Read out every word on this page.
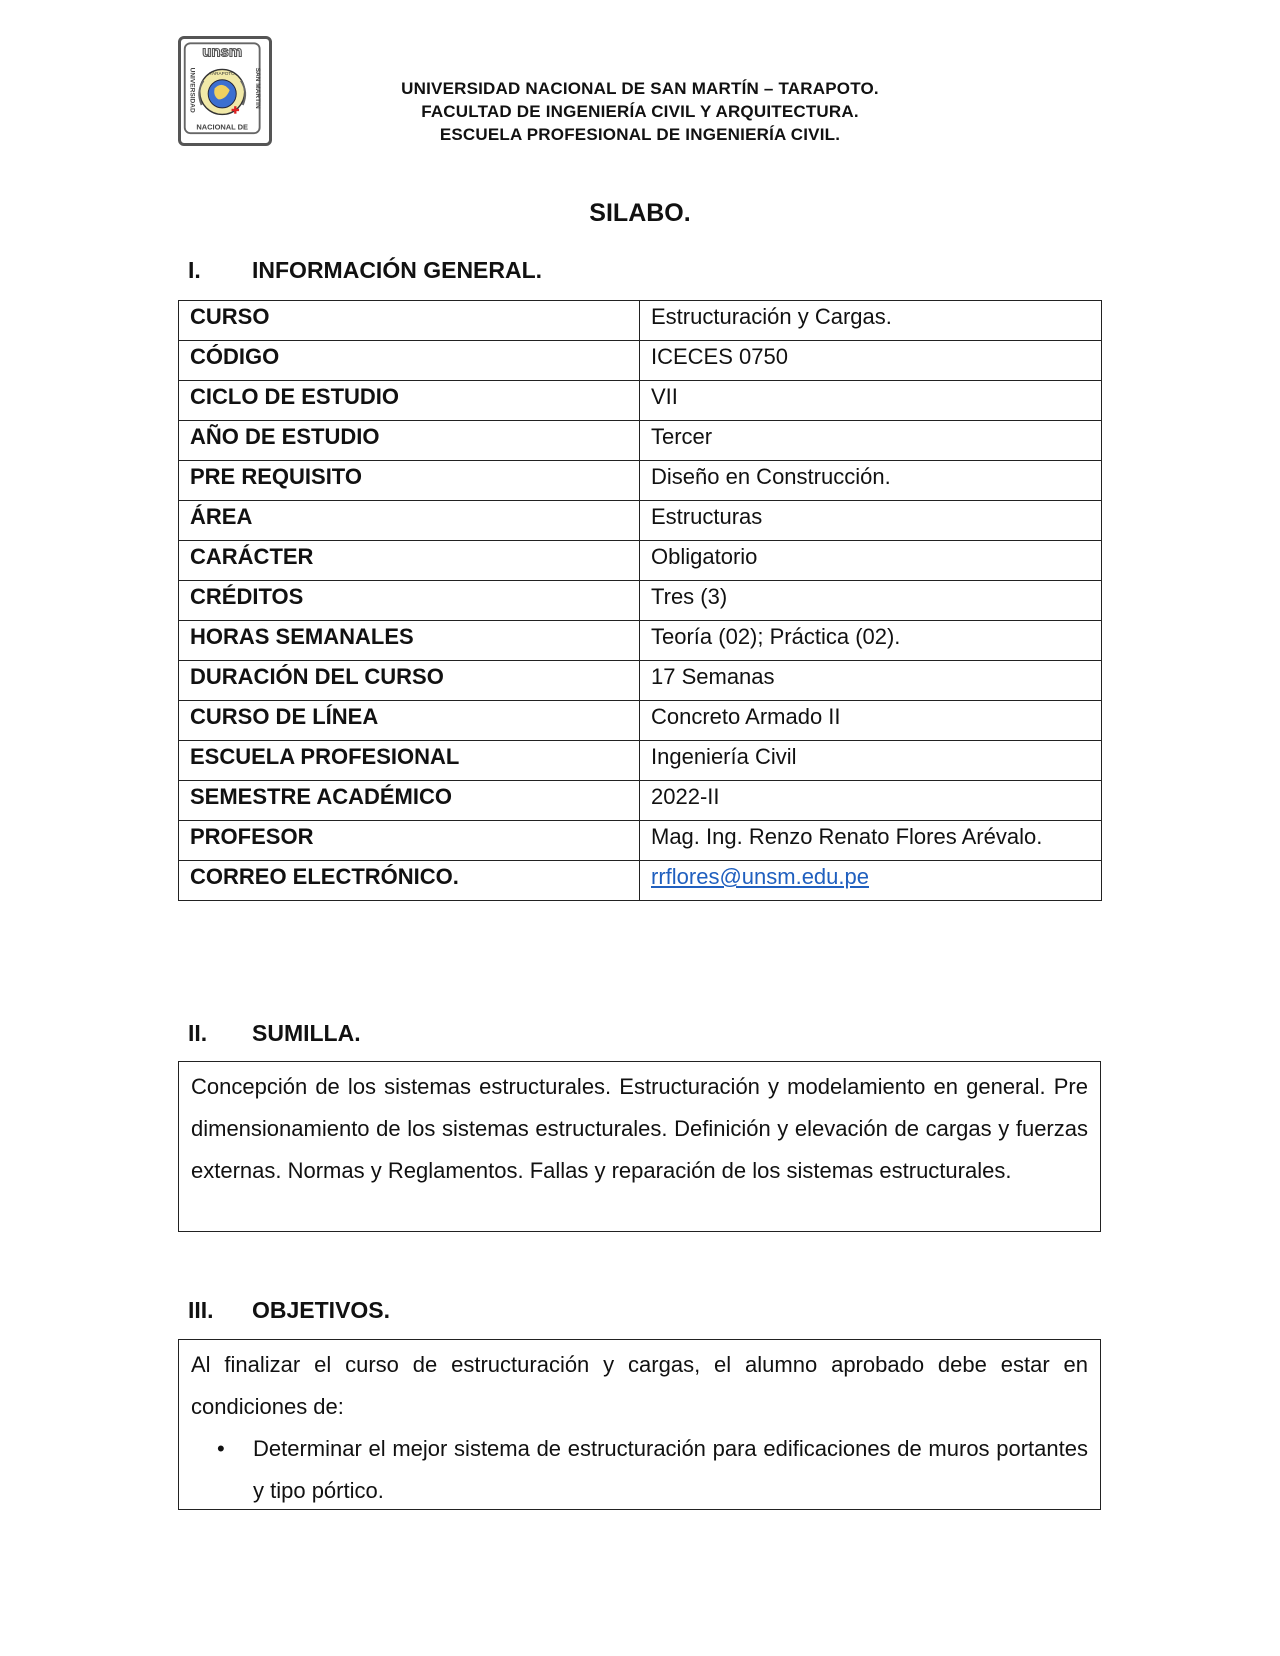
unsm
UNIVERSIDAD	SAN MARTIN
NACIONAL DE
TARAPOTO
UNIVERSIDAD NACIONAL DE SAN MARTÍN – TARAPOTO.
FACULTAD DE INGENIERÍA CIVIL Y ARQUITECTURA.
ESCUELA PROFESIONAL DE INGENIERÍA CIVIL.
SILABO.
I. INFORMACIÓN GENERAL.
CURSO	Estructuración y Cargas.
CÓDIGO	ICECES 0750
CICLO DE ESTUDIO	VII
AÑO DE ESTUDIO	Tercer
PRE REQUISITO	Diseño en Construcción.
ÁREA	Estructuras
CARÁCTER	Obligatorio
CRÉDITOS	Tres (3)
HORAS SEMANALES	Teoría (02); Práctica (02).
DURACIÓN DEL CURSO	17 Semanas
CURSO DE LÍNEA	Concreto Armado II
ESCUELA PROFESIONAL	Ingeniería Civil
SEMESTRE ACADÉMICO	2022-II
PROFESOR	Mag. Ing. Renzo Renato Flores Arévalo.
CORREO ELECTRÓNICO.	rrflores@unsm.edu.pe
II. SUMILLA.
Concepción de los sistemas estructurales. Estructuración y modelamiento en general. Pre dimensionamiento de los sistemas estructurales. Definición y elevación de cargas y fuerzas externas. Normas y Reglamentos. Fallas y reparación de los sistemas estructurales.
III. OBJETIVOS.
Al finalizar el curso de estructuración y cargas, el alumno aprobado debe estar en condiciones de:
• Determinar el mejor sistema de estructuración para edificaciones de muros portantes y tipo pórtico.
